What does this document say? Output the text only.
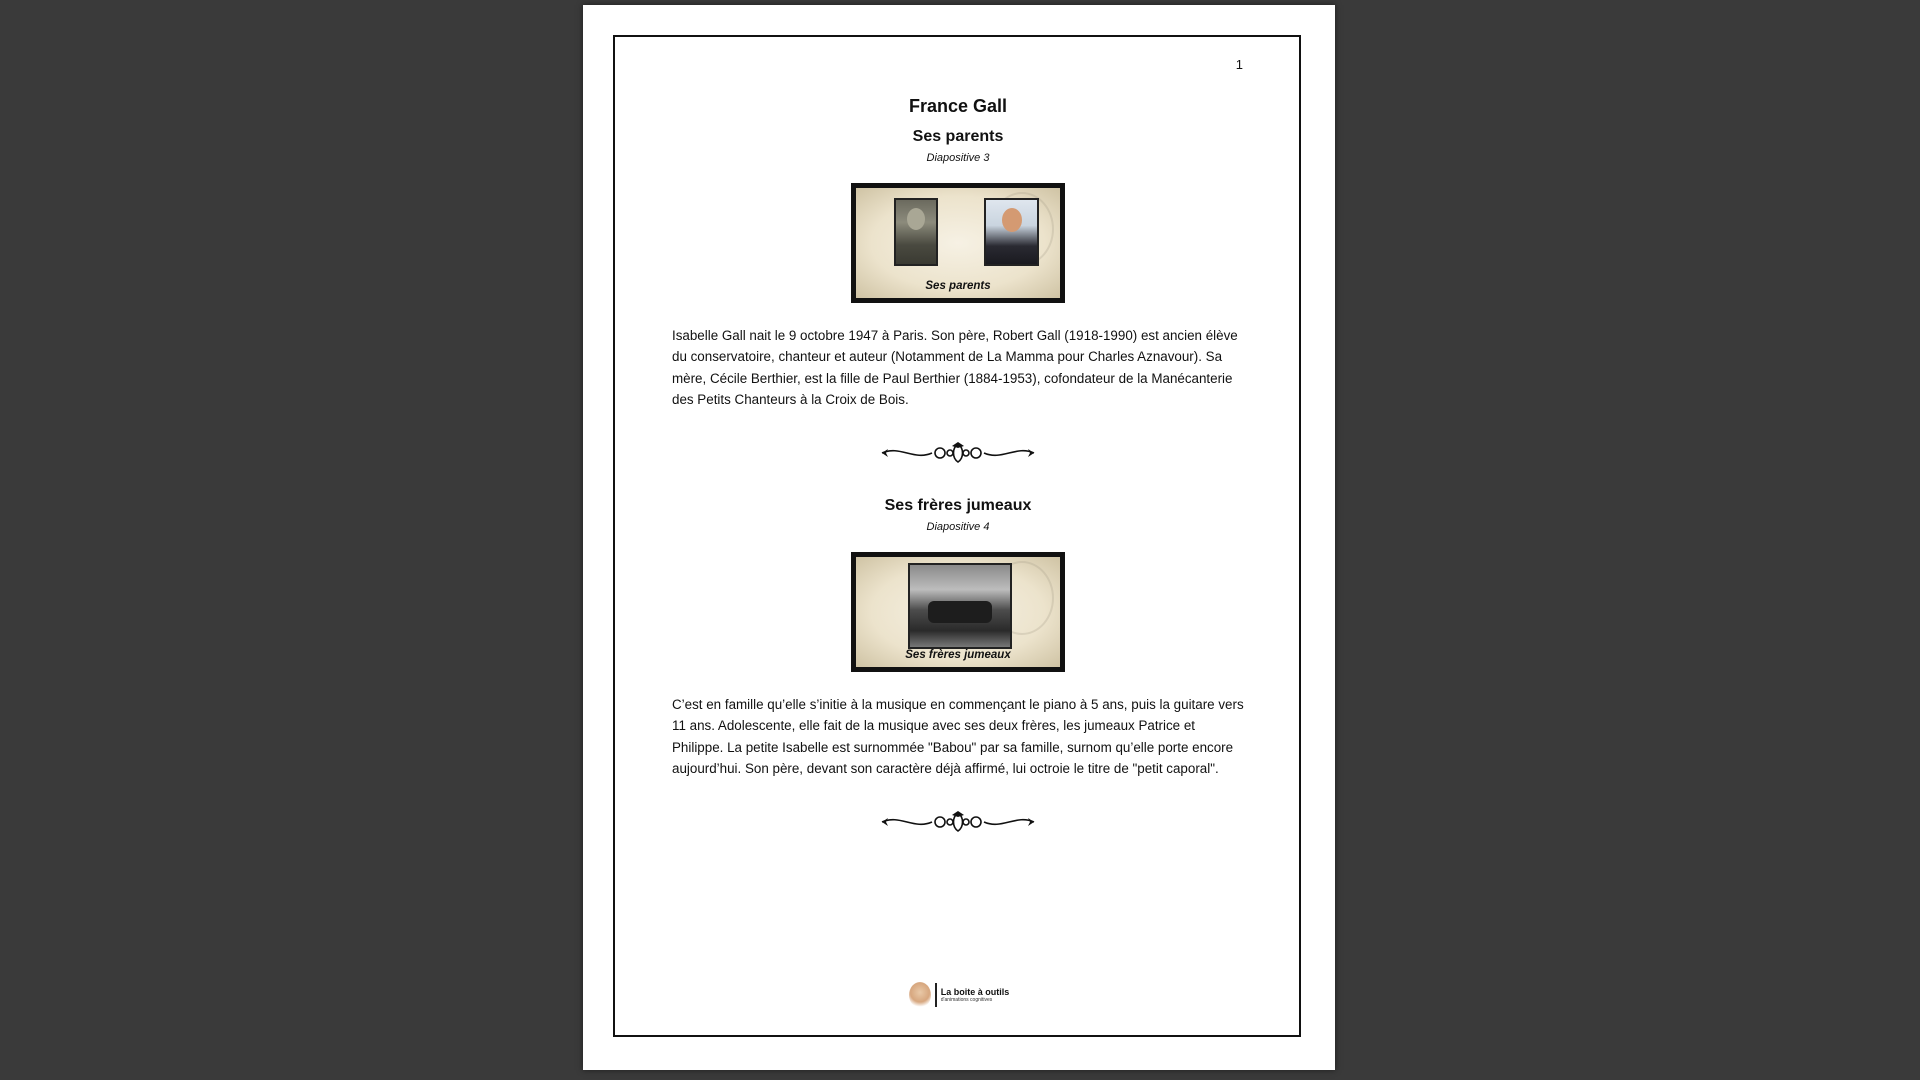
1
France Gall
Ses parents

Diapositive 3

Ses parents

Isabelle Gall nait le 9 octobre 1947 à Paris. Son père, Robert Gall (1918-1990) est ancien élève du conservatoire, chanteur et auteur (Notamment de La Mamma pour Charles Aznavour). Sa mère, Cécile Berthier, est la fille de Paul Berthier (1884-1953), cofondateur de la Manécanterie des Petits Chanteurs à la Croix de Bois.

Ses frères jumeaux

Diapositive 4

Ses frères jumeaux

C’est en famille qu’elle s’initie à la musique en commençant le piano à 5 ans, puis la guitare vers 11 ans. Adolescente, elle fait de la musique avec ses deux frères, les jumeaux Patrice et Philippe. La petite Isabelle est surnommée "Babou" par sa famille, surnom qu’elle porte encore aujourd’hui. Son père, devant son caractère déjà affirmé, lui octroie le titre de "petit caporal".

La boite à outils
d'animations cognitives
